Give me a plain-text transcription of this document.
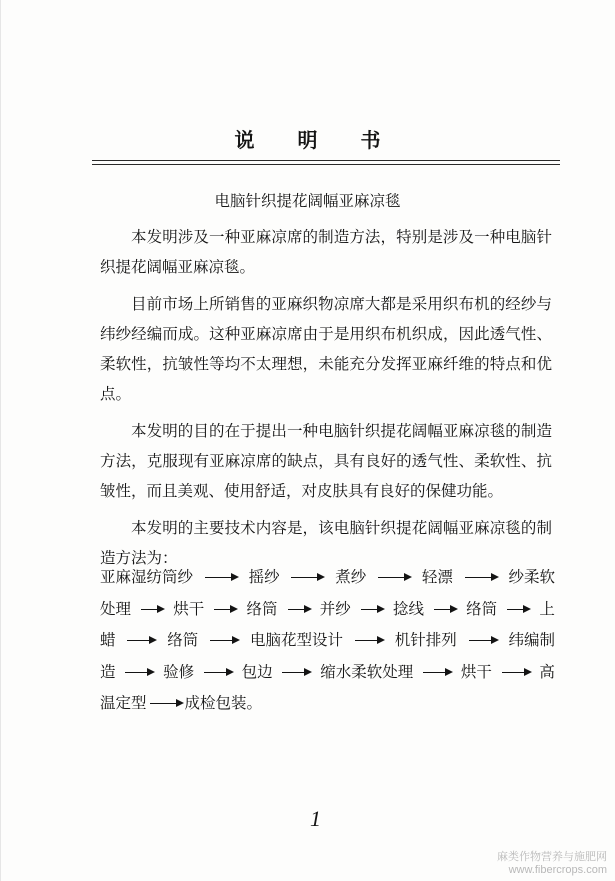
说 明 书
电脑针织提花阔幅亚麻凉毯

本发明涉及一种亚麻凉席的制造方法，特别是涉及一种电脑针织提花阔幅亚麻凉毯。

目前市场上所销售的亚麻织物凉席大都是采用织布机的经纱与纬纱经编而成。这种亚麻凉席由于是用织布机织成，因此透气性、柔软性，抗皱性等均不太理想，未能充分发挥亚麻纤维的特点和优点。

本发明的目的在于提出一种电脑针织提花阔幅亚麻凉毯的制造方法，克服现有亚麻凉席的缺点，具有良好的透气性、柔软性、抗皱性，而且美观、使用舒适，对皮肤具有良好的保健功能。

本发明的主要技术内容是，该电脑针织提花阔幅亚麻凉毯的制造方法为：

亚麻湿纺筒纱	摇纱	煮纱	轻漂	纱柔软
处理	烘干	络筒	并纱	捻线	络筒	上
蜡	络筒	电脑花型设计	机针排列	纬编制
造	验修	包边	缩水柔软处理	烘干	高
温定型 成检包装。
1
麻类作物营养与施肥网
www.fibercrops.com
